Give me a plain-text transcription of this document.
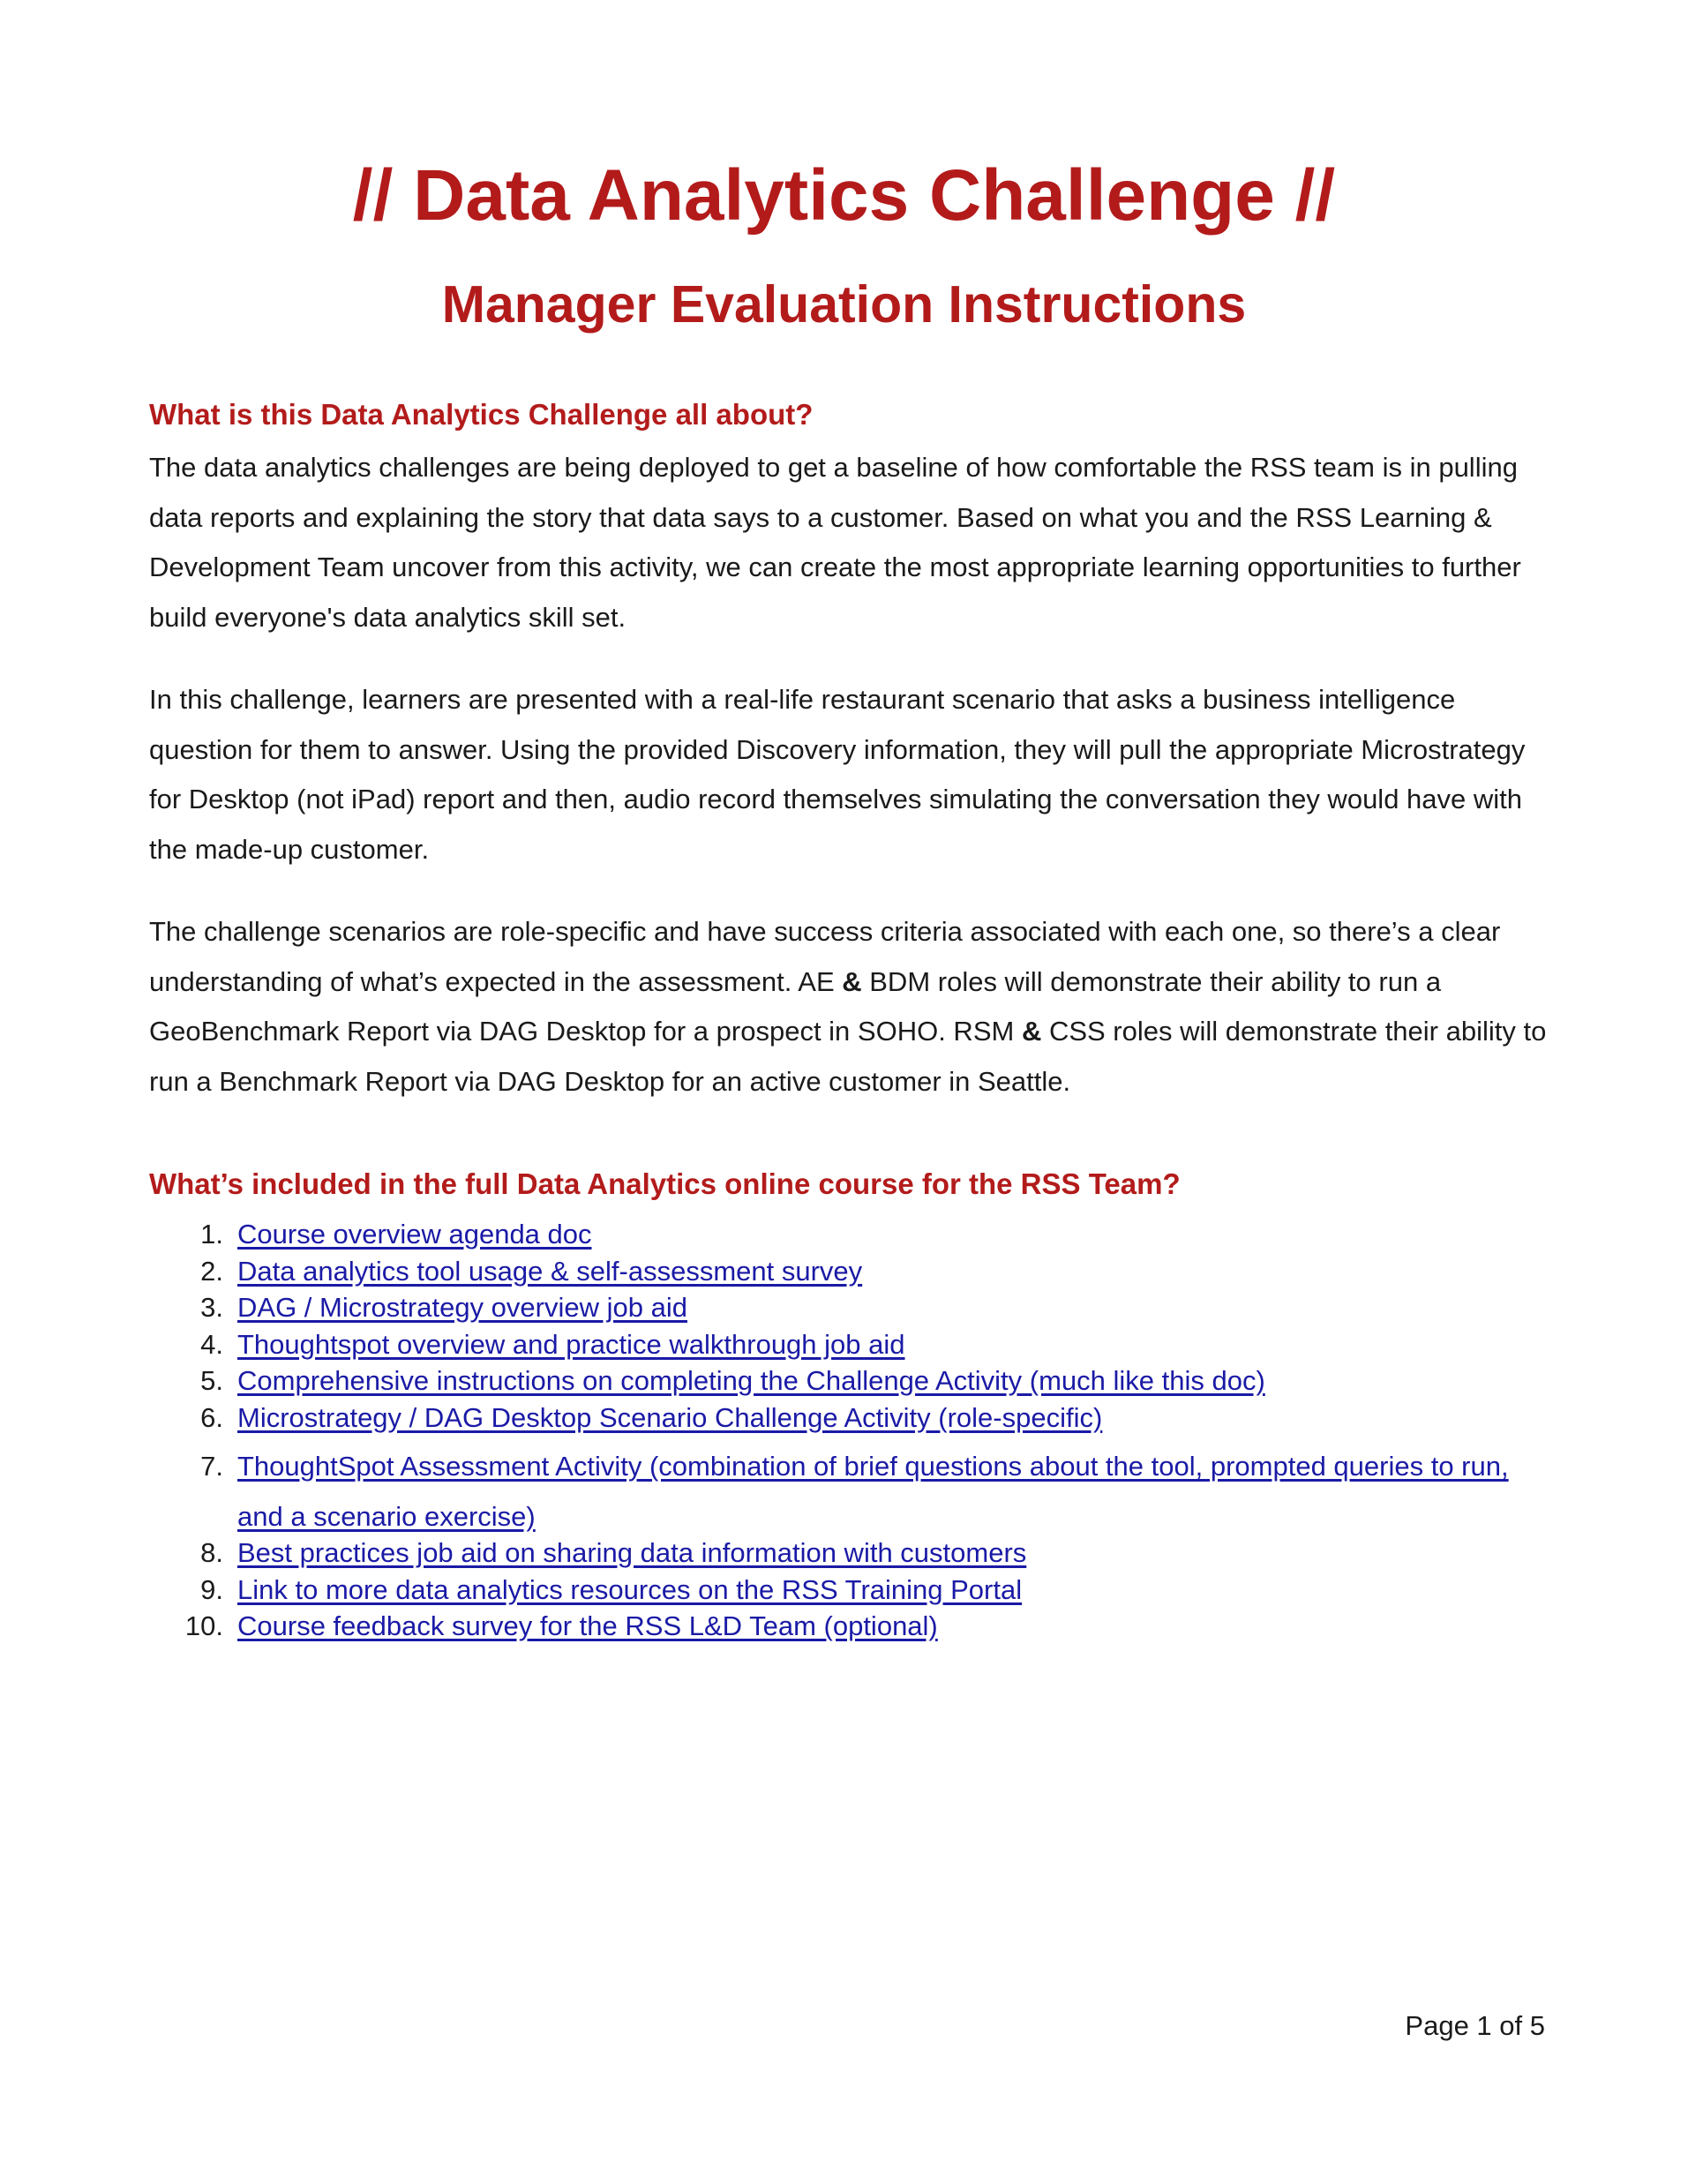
// Data Analytics Challenge //
Manager Evaluation Instructions
What is this Data Analytics Challenge all about?

The data analytics challenges are being deployed to get a baseline of how comfortable the RSS team is in pulling data reports and explaining the story that data says to a customer. Based on what you and the RSS Learning & Development Team uncover from this activity, we can create the most appropriate learning opportunities to further build everyone's data analytics skill set.

In this challenge, learners are presented with a real-life restaurant scenario that asks a business intelligence question for them to answer. Using the provided Discovery information, they will pull the appropriate Microstrategy for Desktop (not iPad) report and then, audio record themselves simulating the conversation they would have with the made-up customer.

The challenge scenarios are role-specific and have success criteria associated with each one, so there’s a clear understanding of what’s expected in the assessment. AE & BDM roles will demonstrate their ability to run a GeoBenchmark Report via DAG Desktop for a prospect in SOHO. RSM & CSS roles will demonstrate their ability to run a Benchmark Report via DAG Desktop for an active customer in Seattle.

What’s included in the full Data Analytics online course for the RSS Team?
1. Course overview agenda doc
2. Data analytics tool usage & self-assessment survey
3. DAG / Microstrategy overview job aid
4. Thoughtspot overview and practice walkthrough job aid
5. Comprehensive instructions on completing the Challenge Activity (much like this doc)
6. Microstrategy / DAG Desktop Scenario Challenge Activity (role-specific)
7. ThoughtSpot Assessment Activity (combination of brief questions about the tool, prompted queries to run, and a scenario exercise)
8. Best practices job aid on sharing data information with customers
9. Link to more data analytics resources on the RSS Training Portal
10. Course feedback survey for the RSS L&D Team (optional)
Page 1 of 5
